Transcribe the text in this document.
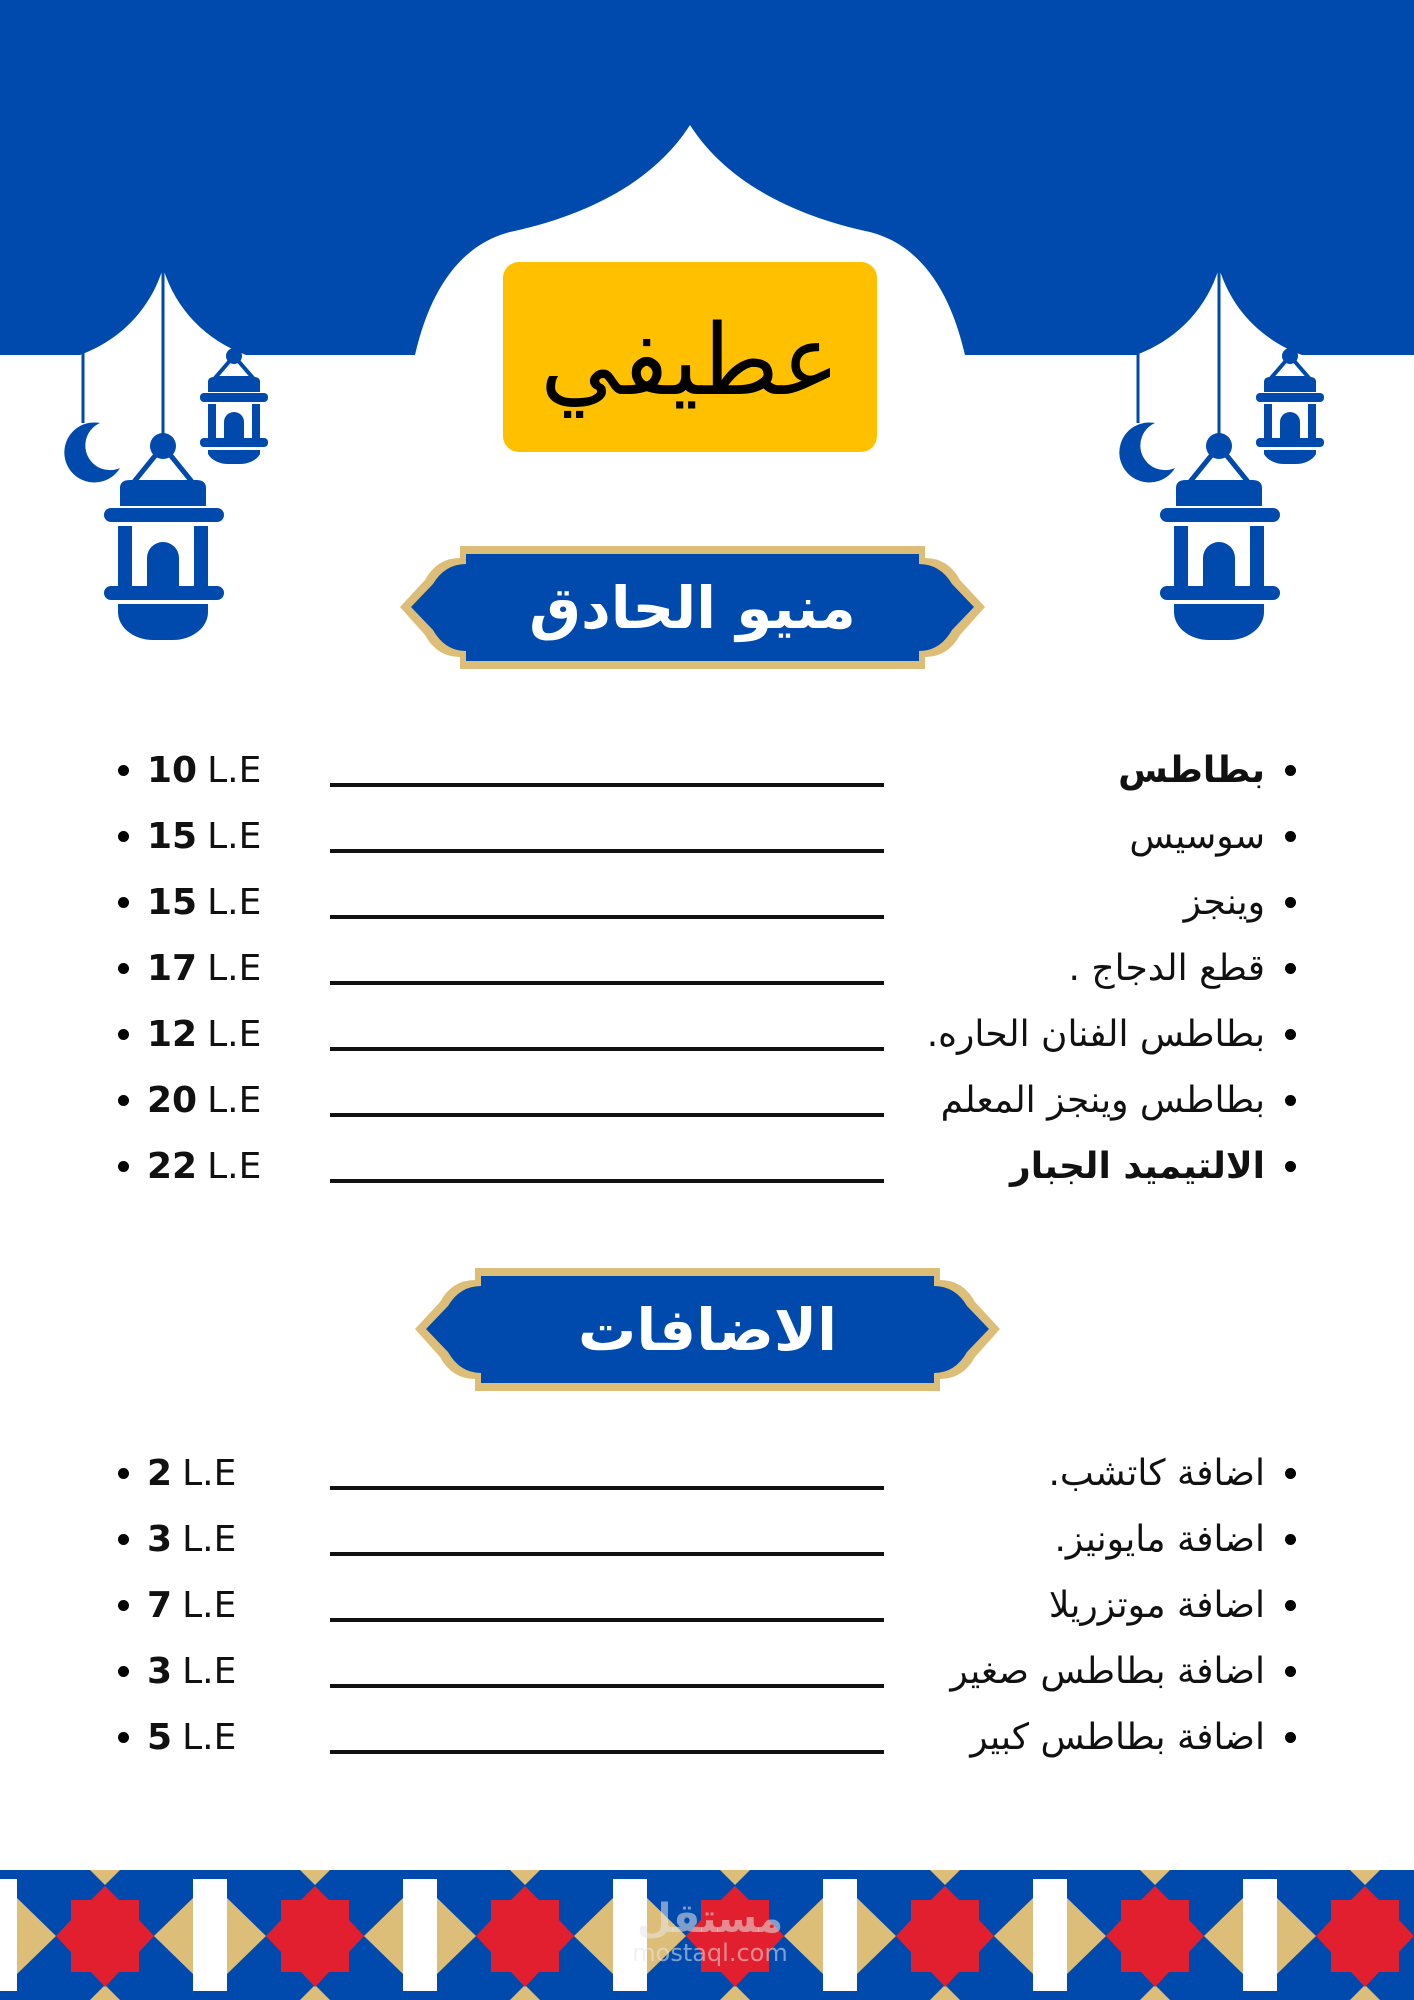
عطيفي
منيو الحادق
10 L.E	بطاطس
15 L.E	سوسيس
15 L.E	وينجز
17 L.E	قطع الدجاج .
12 L.E	بطاطس الفنان الحاره.
20 L.E	بطاطس وينجز المعلم
22 L.E	الالتيميد الجبار
الاضافات
2 L.E	اضافة كاتشب.
3 L.E	اضافة مايونيز.
7 L.E	اضافة موتزريلا
3 L.E	اضافة بطاطس صغير
5 L.E	اضافة بطاطس كبير
مستقل
mostaql.com
